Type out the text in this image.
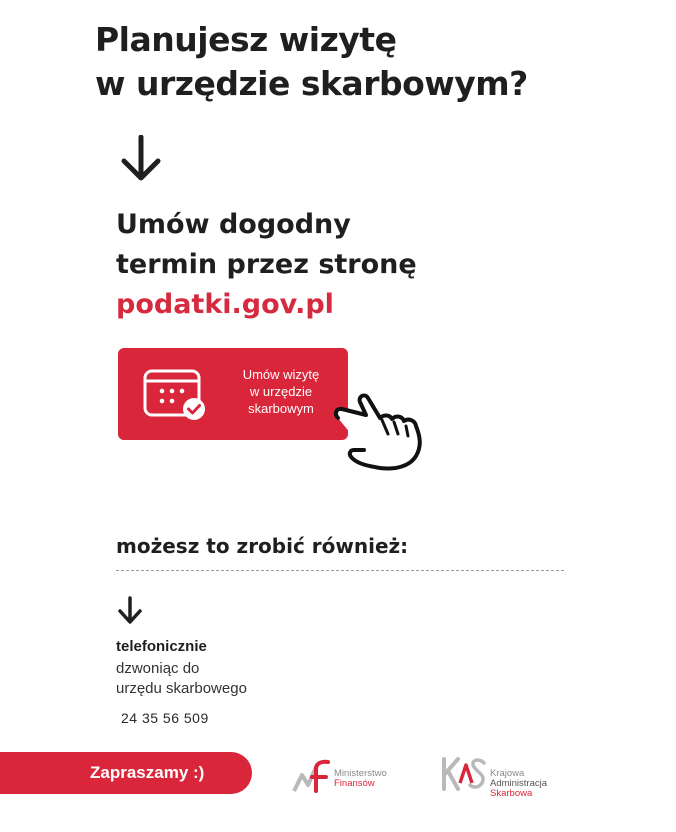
Planujesz wizytę
w urzędzie skarbowym?
Umów dogodny
termin przez stronę
podatki.gov.pl
Umów wizytę
w urzędzie
skarbowym
możesz to zrobić również:
telefonicznie
dzwoniąc do
urzędu skarbowego
24 35 56 509
Zapraszamy :)	Ministerstwo
Finansów
Krajowa
Administracja
Skarbowa
